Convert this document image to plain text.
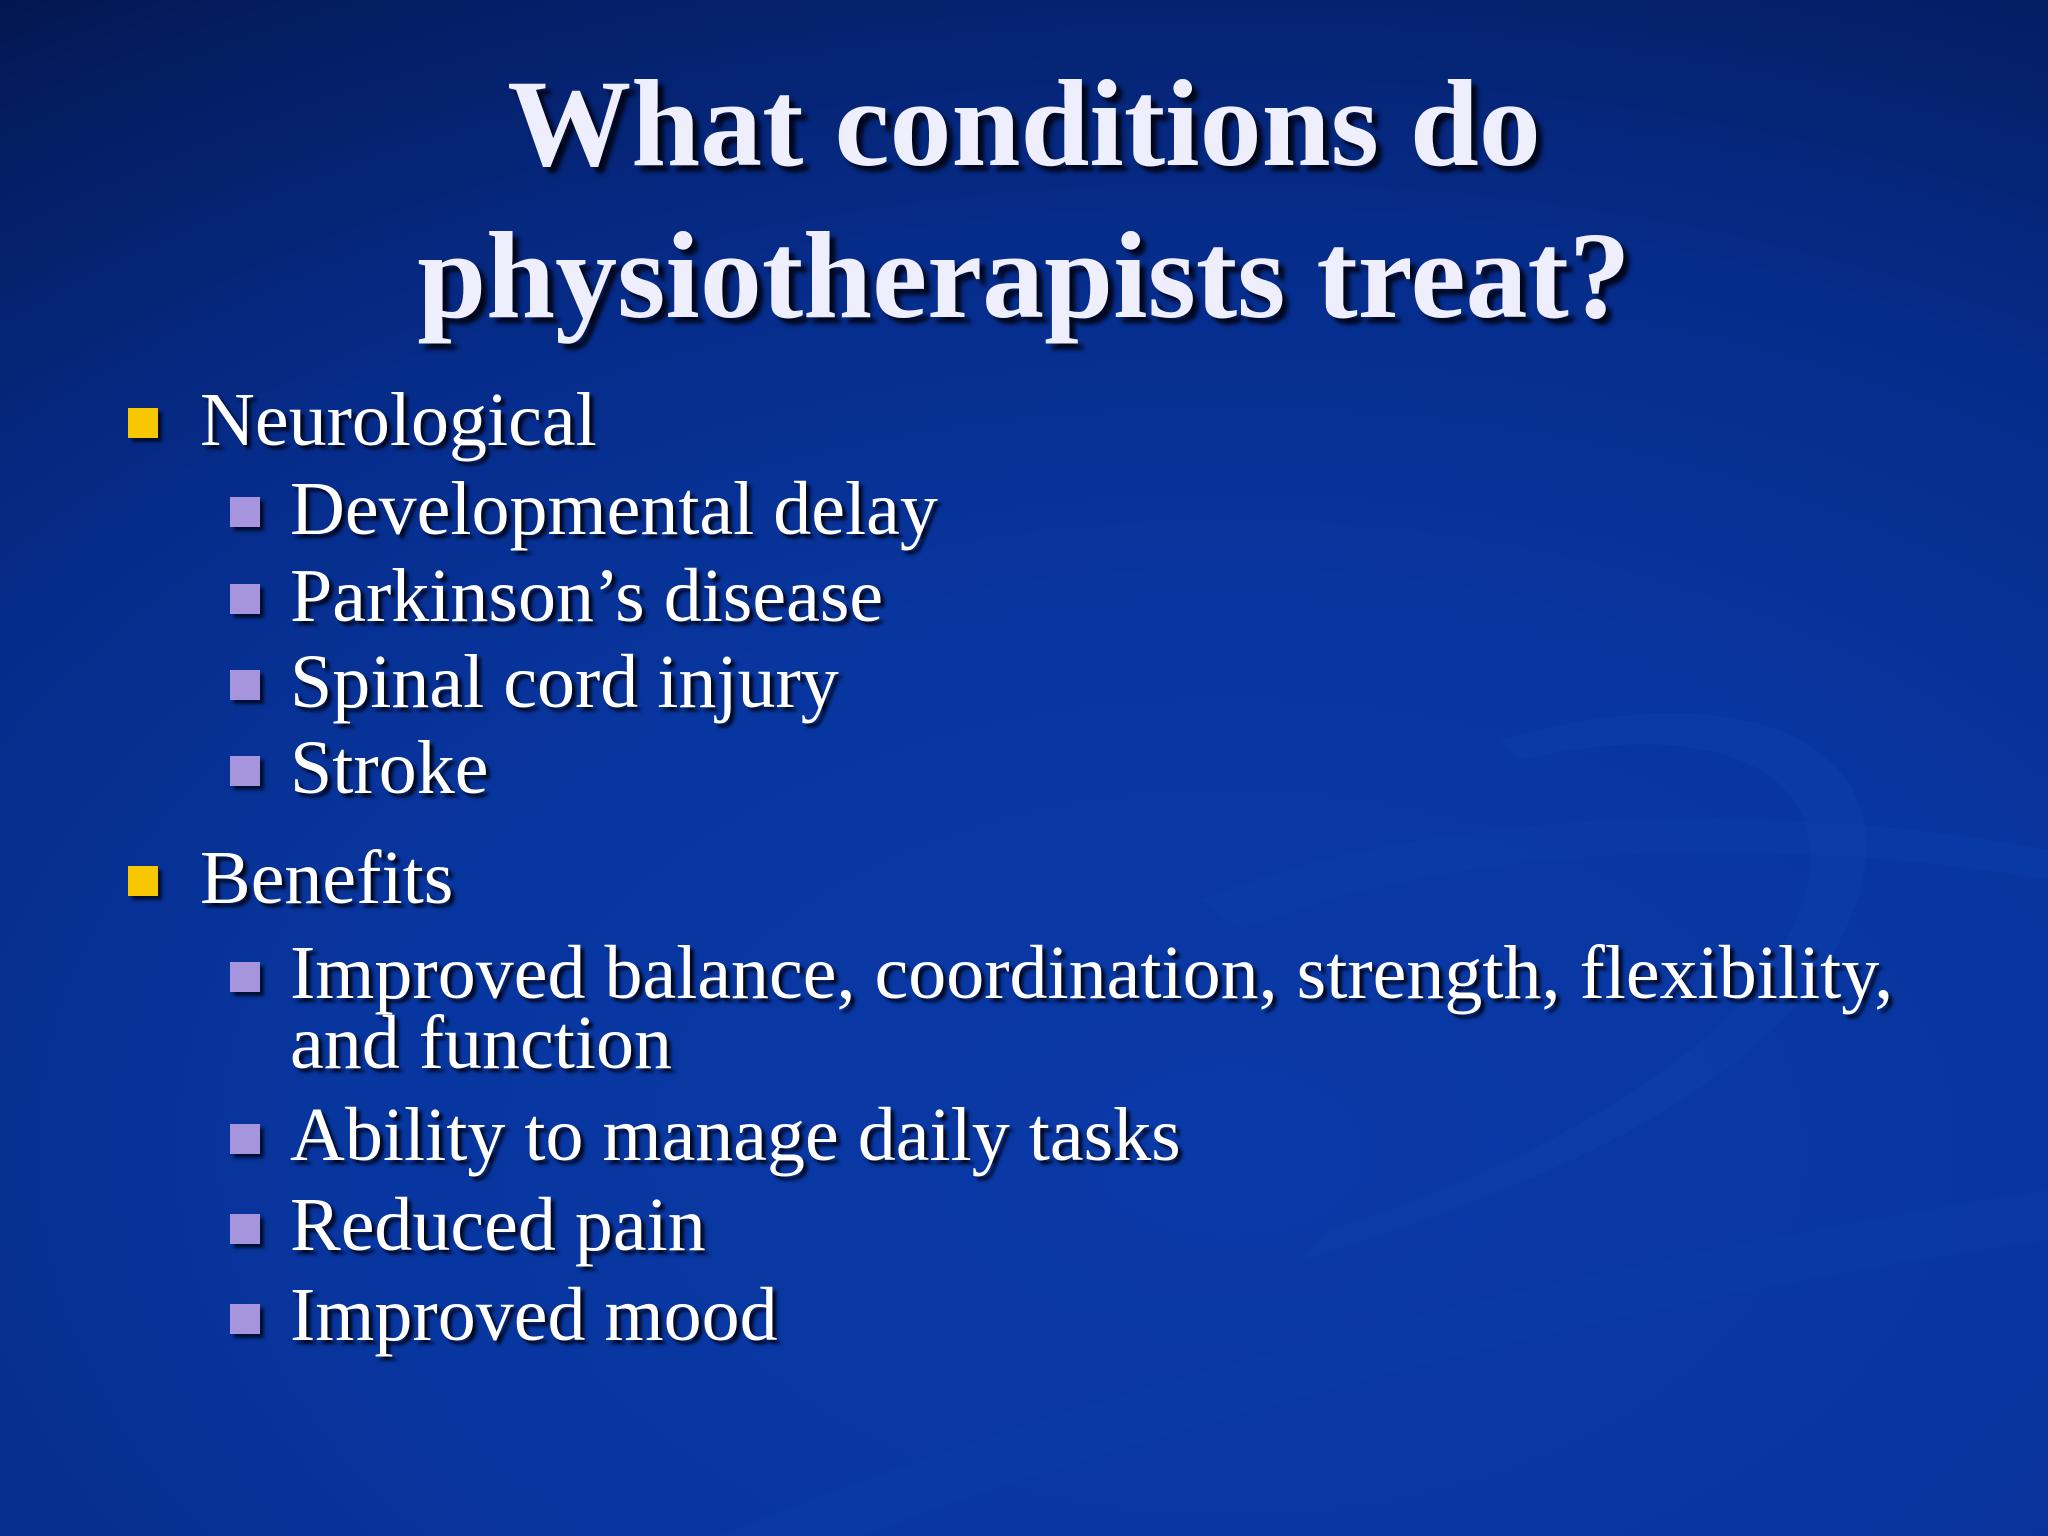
What conditions do
physiotherapists treat?
Neurological
Developmental delay
Parkinson’s disease
Spinal cord injury
Stroke
Benefits
Improved balance, coordination, strength, flexibility, and function
Ability to manage daily tasks
Reduced pain
Improved mood
